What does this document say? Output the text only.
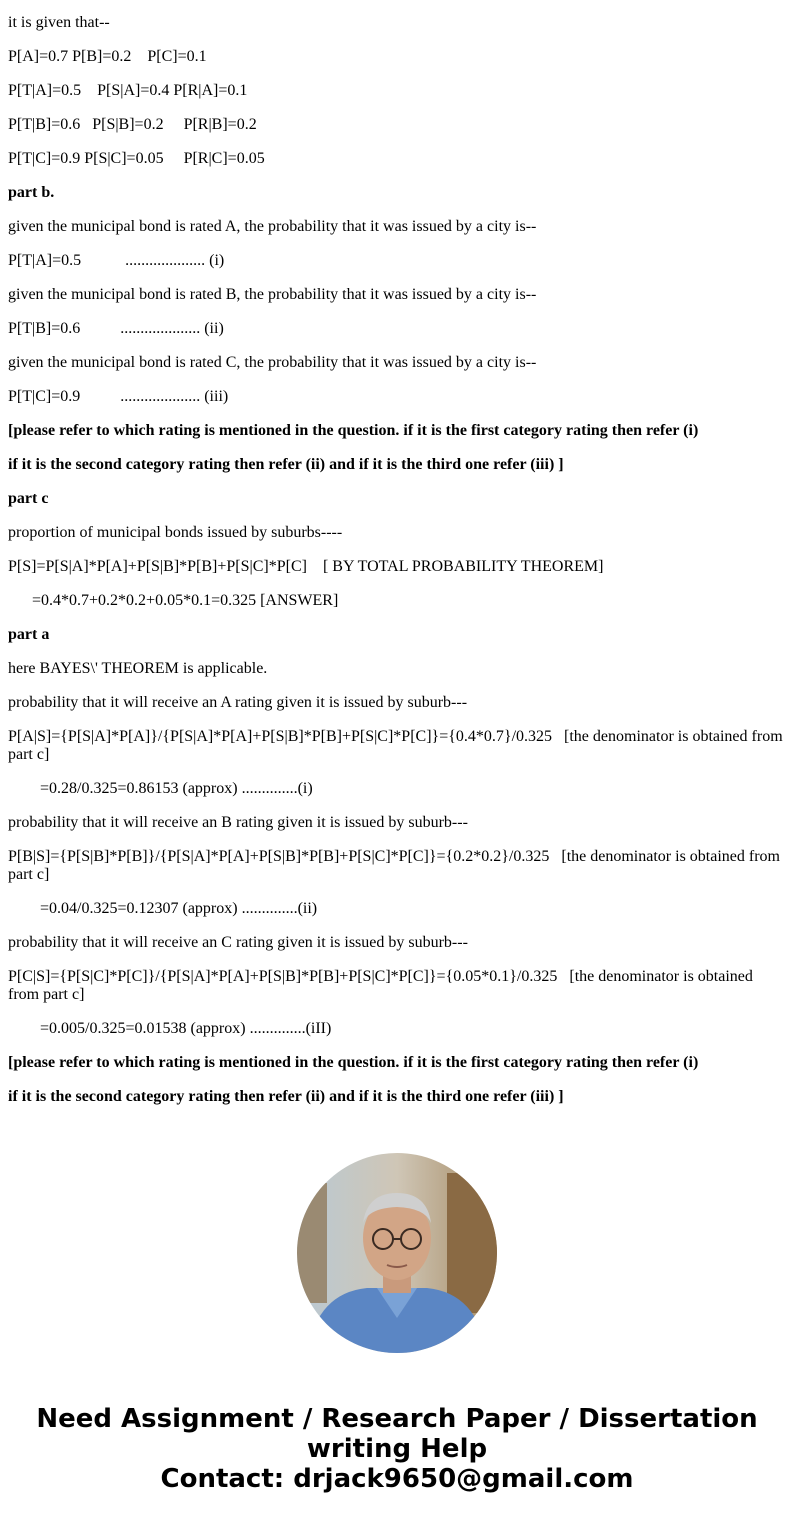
it is given that--
P[A]=0.7 P[B]=0.2    P[C]=0.1
P[T|A]=0.5    P[S|A]=0.4 P[R|A]=0.1
P[T|B]=0.6   P[S|B]=0.2     P[R|B]=0.2
P[T|C]=0.9 P[S|C]=0.05     P[R|C]=0.05
part b.
given the municipal bond is rated A, the probability that it was issued by a city is--
P[T|A]=0.5           .................... (i)
given the municipal bond is rated B, the probability that it was issued by a city is--
P[T|B]=0.6          .................... (ii)
given the municipal bond is rated C, the probability that it was issued by a city is--
P[T|C]=0.9          .................... (iii)
[please refer to which rating is mentioned in the question. if it is the first category rating then refer (i)
if it is the second category rating then refer (ii) and if it is the third one refer (iii) ]
part c
proportion of municipal bonds issued by suburbs----
P[S]=P[S|A]*P[A]+P[S|B]*P[B]+P[S|C]*P[C]    [ BY TOTAL PROBABILITY THEOREM]
=0.4*0.7+0.2*0.2+0.05*0.1=0.325 [ANSWER]
part a
here BAYES\' THEOREM is applicable.
probability that it will receive an A rating given it is issued by suburb---
P[A|S]={P[S|A]*P[A]}/{P[S|A]*P[A]+P[S|B]*P[B]+P[S|C]*P[C]}={0.4*0.7}/0.325   [the denominator is obtained from part c]
=0.28/0.325=0.86153 (approx) ..............(i)
probability that it will receive an B rating given it is issued by suburb---
P[B|S]={P[S|B]*P[B]}/{P[S|A]*P[A]+P[S|B]*P[B]+P[S|C]*P[C]}={0.2*0.2}/0.325   [the denominator is obtained from part c]
=0.04/0.325=0.12307 (approx) ..............(ii)
probability that it will receive an C rating given it is issued by suburb---
P[C|S]={P[S|C]*P[C]}/{P[S|A]*P[A]+P[S|B]*P[B]+P[S|C]*P[C]}={0.05*0.1}/0.325   [the denominator is obtained from part c]
=0.005/0.325=0.01538 (approx) ..............(iII)
[please refer to which rating is mentioned in the question. if it is the first category rating then refer (i)
if it is the second category rating then refer (ii) and if it is the third one refer (iii) ]
Need Assignment / Research Paper / Dissertation
writing Help
Contact: drjack9650@gmail.com
